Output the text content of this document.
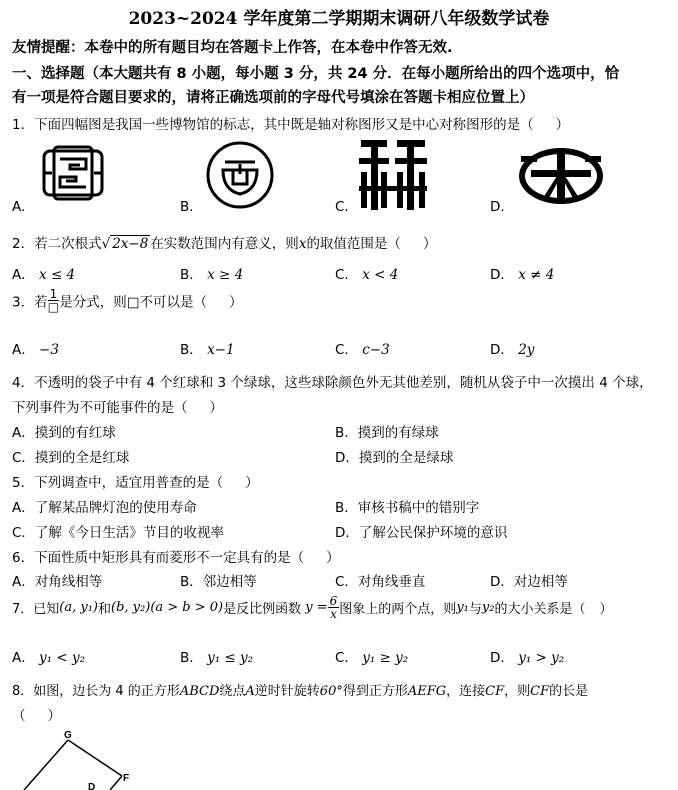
2023~2024 学年度第二学期期末调研八年级数学试卷
友情提醒：本卷中的所有题目均在答题卡上作答，在本卷中作答无效.
一、选择题（本大题共有 8 小题，每小题 3 分，共 24 分．在每小题所给出的四个选项中，恰
有一项是符合题目要求的，请将正确选项前的字母代号填涂在答题卡相应位置上）
1．下面四幅图是我国一些博物馆的标志，其中既是轴对称图形又是中心对称图形的是（ ）
A.	B.	C.	D.
2．若二次根式√ 2x−8 在实数范围内有意义，则x的取值范围是（ ）
A． x ≤ 4	B． x ≥ 4	C． x < 4	D． x ≠ 4
3．若 $\frac{1}{□}$ 是分式，则□不可以是（ ）
A． −3	B． x−1	C． c−3	D． 2y
4．不透明的袋子中有 4 个红球和 3 个绿球，这些球除颜色外无其他差别，随机从袋子中一次摸出 4 个球，
下列事件为不可能事件的是（ ）
A．摸到的有红球	B．摸到的有绿球
C．摸到的全是红球	D．摸到的全是绿球
5．下列调查中，适宜用普查的是（ ）
A．了解某品牌灯泡的使用寿命	B．审核书稿中的错别字
C．了解《今日生活》节目的收视率	D．了解公民保护环境的意识
6．下面性质中矩形具有而菱形不一定具有的是（ ）
A．对角线相等	B．邻边相等	C．对角线垂直	D．对边相等
7．已知(a, y₁)和(b, y₂)(a > b > 0)是反比例函数 $y = \frac{6}{x}$ 图象上的两个点，则y₁与y₂的大小关系是（ ）
A． y₁ < y₂	B． y₁ ≤ y₂	C． y₁ ≥ y₂	D． y₁ > y₂
8．如图，边长为 4 的正方形ABCD绕点A逆时针旋转60°得到正方形AEFG，连接CF，则CF的长是
（ ）
G
F
D
